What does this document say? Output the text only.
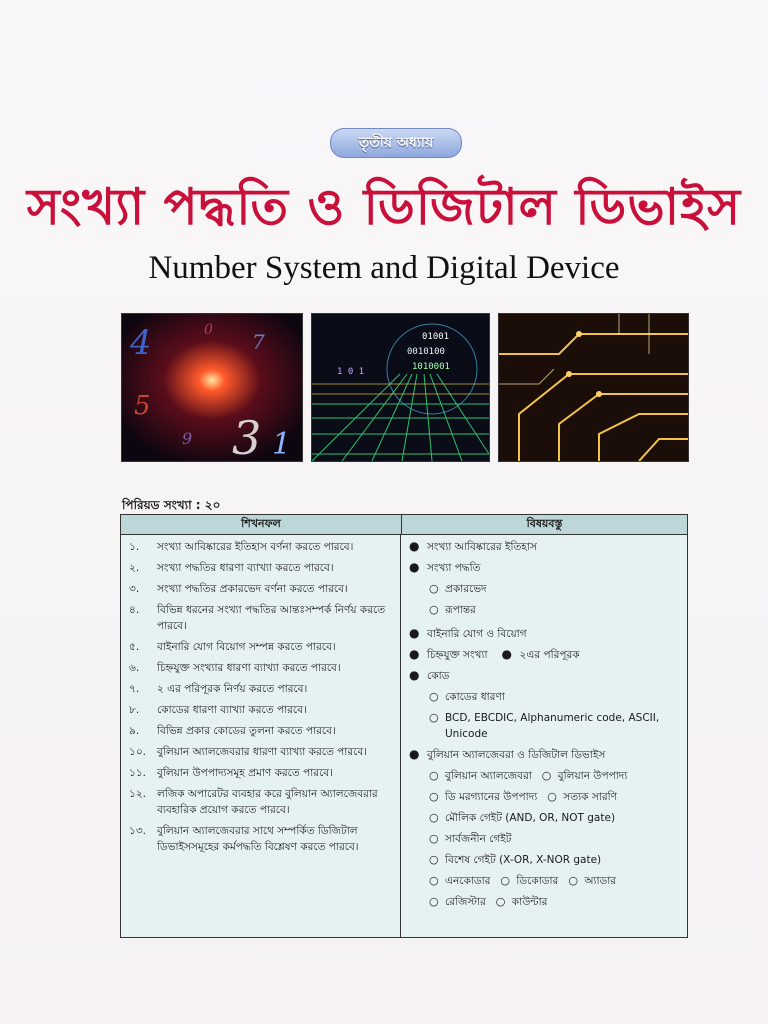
তৃতীয় অধ্যায়
সংখ্যা পদ্ধতি ও ডিজিটাল ডিভাইস
Number System and Digital Device
4
5
7
3 1
9
0
0010100
1010001
1 0 1
01001
পিরিয়ড সংখ্যা : ২০
শিখনফল	বিষয়বস্তু
১.	সংখ্যা আবিষ্কারের ইতিহাস বর্ণনা করতে পারবে।
২.	সংখ্যা পদ্ধতির ধারণা ব্যাখ্যা করতে পারবে।
৩.	সংখ্যা পদ্ধতির প্রকারভেদ বর্ণনা করতে পারবে।
৪.	বিভিন্ন ধরনের সংখ্যা পদ্ধতির আন্তঃসম্পর্ক নির্ণয় করতে পারবে।
৫.	বাইনারি যোগ বিয়োগ সম্পন্ন করতে পারবে।
৬.	চিহ্নযুক্ত সংখ্যার ধারণা ব্যাখ্যা করতে পারবে।
৭.	২ এর পরিপূরক নির্ণয় করতে পারবে।
৮.	কোডের ধারণা ব্যাখ্যা করতে পারবে।
৯.	বিভিন্ন প্রকার কোডের তুলনা করতে পারবে।
১০.	বুলিয়ান অ্যালজেবরার ধারণা ব্যাখ্যা করতে পারবে।
১১.	বুলিয়ান উপপাদ্যসমূহ প্রমাণ করতে পারবে।
১২.	লজিক অপারেটর ব্যবহার করে বুলিয়ান অ্যালজেবরার ব্যবহারিক প্রয়োগ করতে পারবে।
১৩.	বুলিয়ান অ্যালজেবরার সাথে সম্পর্কিত ডিজিটাল ডিভাইসসমূহের কর্মপদ্ধতি বিশ্লেষণ করতে পারবে।
● সংখ্যা আবিষ্কারের ইতিহাস
● সংখ্যা পদ্ধতি
○ প্রকারভেদ
○ রূপান্তর
● বাইনারি যোগ ও বিয়োগ
● চিহ্নযুক্ত সংখ্যা ● ২এর পরিপূরক
● কোড
○ কোডের ধারণা
○ BCD, EBCDIC, Alphanumeric code, ASCII, Unicode
● বুলিয়ান অ্যালজেবরা ও ডিজিটাল ডিভাইস
○ বুলিয়ান অ্যালজেবরা ○ বুলিয়ান উপপাদ্য
○ ডি মরগ্যানের উপপাদ্য ○ সত্যক সারণি
○ মৌলিক গেইট (AND, OR, NOT gate)
○ সার্বজনীন গেইট
○ বিশেষ গেইট (X-OR, X-NOR gate)
○ এনকোডার ○ ডিকোডার ○ অ্যাডার
○ রেজিস্টার ○ কাউন্টার
